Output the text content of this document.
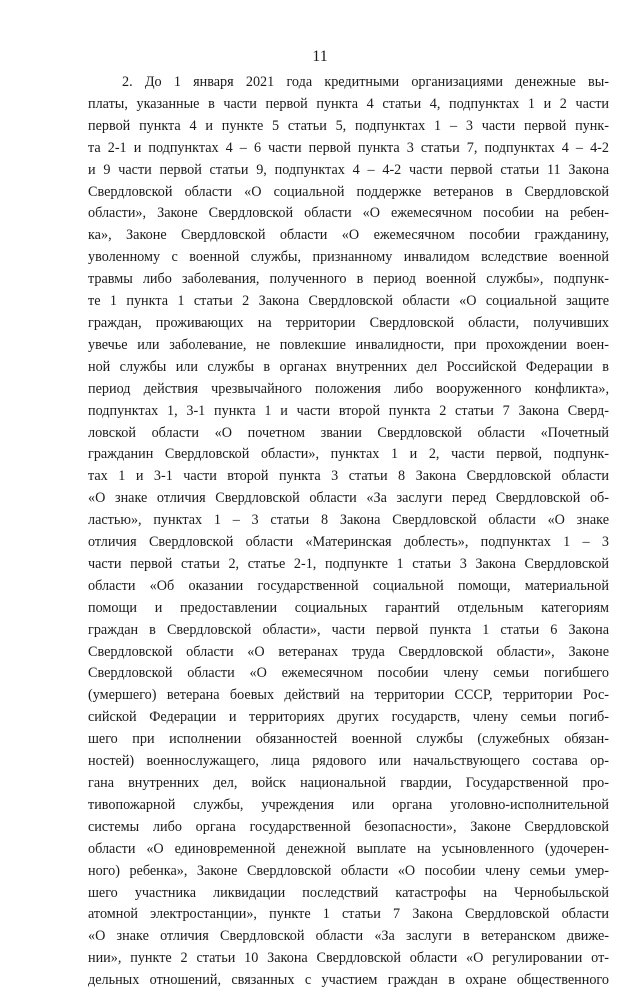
11
2. До 1 января 2021 года кредитными организациями денежные вы-
платы, указанные в части первой пункта 4 статьи 4, подпунктах 1 и 2 части
первой пункта 4 и пункте 5 статьи 5, подпунктах 1 – 3 части первой пунк-
та 2-1 и подпунктах 4 – 6 части первой пункта 3 статьи 7, подпунктах 4 – 4-2
и 9 части первой статьи 9, подпунктах 4 – 4-2 части первой статьи 11 Закона
Свердловской области «О социальной поддержке ветеранов в Свердловской
области», Законе Свердловской области «О ежемесячном пособии на ребен-
ка», Законе Свердловской области «О ежемесячном пособии гражданину,
уволенному с военной службы, признанному инвалидом вследствие военной
травмы либо заболевания, полученного в период военной службы», подпунк-
те 1 пункта 1 статьи 2 Закона Свердловской области «О социальной защите
граждан, проживающих на территории Свердловской области, получивших
увечье или заболевание, не повлекшие инвалидности, при прохождении воен-
ной службы или службы в органах внутренних дел Российской Федерации в
период действия чрезвычайного положения либо вооруженного конфликта»,
подпунктах 1, 3-1 пункта 1 и части второй пункта 2 статьи 7 Закона Сверд-
ловской области «О почетном звании Свердловской области «Почетный
гражданин Свердловской области», пунктах 1 и 2, части первой, подпунк-
тах 1 и 3-1 части второй пункта 3 статьи 8 Закона Свердловской области
«О знаке отличия Свердловской области «За заслуги перед Свердловской об-
ластью», пунктах 1 – 3 статьи 8 Закона Свердловской области «О знаке
отличия Свердловской области «Материнская доблесть», подпунктах 1 – 3
части первой статьи 2, статье 2-1, подпункте 1 статьи 3 Закона Свердловской
области «Об оказании государственной социальной помощи, материальной
помощи и предоставлении социальных гарантий отдельным категориям
граждан в Свердловской области», части первой пункта 1 статьи 6 Закона
Свердловской области «О ветеранах труда Свердловской области», Законе
Свердловской области «О ежемесячном пособии члену семьи погибшего
(умершего) ветерана боевых действий на территории СССР, территории Рос-
сийской Федерации и территориях других государств, члену семьи погиб-
шего при исполнении обязанностей военной службы (служебных обязан-
ностей) военнослужащего, лица рядового или начальствующего состава ор-
гана внутренних дел, войск национальной гвардии, Государственной про-
тивопожарной службы, учреждения или органа уголовно-исполнительной
системы либо органа государственной безопасности», Законе Свердловской
области «О единовременной денежной выплате на усыновленного (удочерен-
ного) ребенка», Законе Свердловской области «О пособии члену семьи умер-
шего участника ликвидации последствий катастрофы на Чернобыльской
атомной электростанции», пункте 1 статьи 7 Закона Свердловской области
«О знаке отличия Свердловской области «За заслуги в ветеранском движе-
нии», пункте 2 статьи 10 Закона Свердловской области «О регулировании от-
дельных отношений, связанных с участием граждан в охране общественного
